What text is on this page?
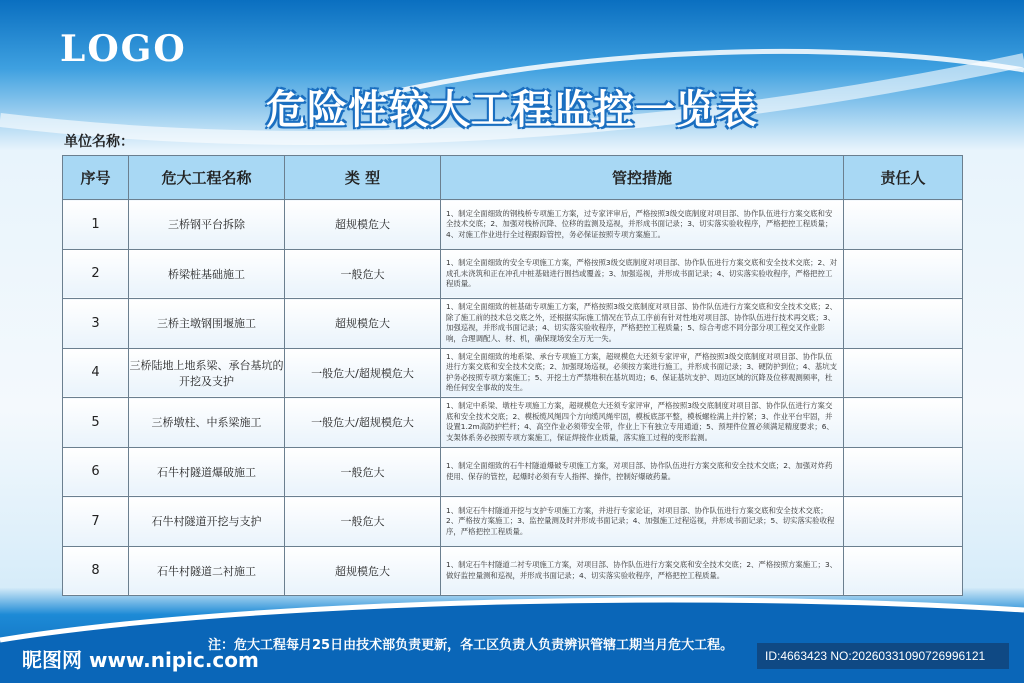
LOGO
危险性较大工程监控一览表
单位名称：
序号	危大工程名称	类 型	管控措施	责任人
1	三桥钢平台拆除	超规模危大	1、制定全面细致的钢栈桥专项施工方案，过专家评审后，严格按照3级交底制度对项目部、协作队伍进行方案交底和安全技术交底；2、加强对栈桥沉降、位移的监测及巡视，并形成书面记录；3、切实落实验收程序，严格把控工程质量；4、对施工作业进行全过程跟踪管控，务必保证按照专项方案施工。	
2	桥梁桩基础施工	一般危大	1、制定全面细致的安全专项施工方案，严格按照3级交底制度对项目部、协作队伍进行方案交底和安全技术交底；2、对成孔未浇筑和正在冲孔中桩基础进行围挡或覆盖；3、加强巡视，并形成书面记录；4、切实落实验收程序，严格把控工程质量。	
3	三桥主墩钢围堰施工	超规模危大	1、制定全面细致的桩基础专项施工方案，严格按照3级交底制度对项目部、协作队伍进行方案交底和安全技术交底；2、除了施工前的技术总交底之外，还根据实际施工情况在节点工序前有针对性地对项目部、协作队伍进行技术再交底；3、加强巡视，并形成书面记录；4、切实落实验收程序，严格把控工程质量；5、综合考虑不同分部分项工程交叉作业影响，合理调配人、材、机，确保现场安全万无一失。	
4	三桥陆地上地系梁、承台基坑的开挖及支护	一般危大/超规模危大	1、制定全面细致的地系梁、承台专项施工方案，超规模危大还须专家评审，严格按照3级交底制度对项目部、协作队伍进行方案交底和安全技术交底；2、加强现场巡视，必须按方案进行施工，并形成书面记录；3、硬防护到位；4、基坑支护务必按照专项方案施工；5、开挖土方严禁堆积在基坑周边；6、保证基坑支护、周边区域的沉降及位移观测频率，杜绝任何安全事故的发生。	
5	三桥墩柱、中系梁施工	一般危大/超规模危大	1、制定中系梁、墩柱专项施工方案，超规模危大还须专家评审，严格按照3级交底制度对项目部、协作队伍进行方案交底和安全技术交底；2、模板缆风绳四个方向缆风绳牢固，模板底部平整，模板螺栓满上并拧紧；3、作业平台牢固，并设置1.2m高防护栏杆；4、高空作业必须带安全带，作业上下有独立专用通道；5、预埋件位置必须满足精度要求；6、支架体系务必按照专项方案施工，保证焊接作业质量，落实施工过程的变形监测。	
6	石牛村隧道爆破施工	一般危大	1、制定全面细致的石牛村隧道爆破专项施工方案，对项目部、协作队伍进行方案交底和安全技术交底；2、加强对炸药使用、保存的管控，起爆时必须有专人指挥、操作，控制好爆破药量。	
7	石牛村隧道开挖与支护	一般危大	1、制定石牛村隧道开挖与支护专项施工方案，并进行专家论证，对项目部、协作队伍进行方案交底和安全技术交底；2、严格按方案施工；3、监控量测及时并形成书面记录；4、加强施工过程巡视，并形成书面记录；5、切实落实验收程序，严格把控工程质量。	
8	石牛村隧道二衬施工	超规模危大	1、制定石牛村隧道二衬专项施工方案，对项目部、协作队伍进行方案交底和安全技术交底；2、严格按照方案施工；3、做好监控量测和巡视，并形成书面记录；4、切实落实验收程序，严格把控工程质量。	
注：危大工程每月25日由技术部负责更新，各工区负责人负责辨识管辖工期当月危大工程。
昵图网 www.nipic.com	ID:4663423 NO:20260331090726996121
